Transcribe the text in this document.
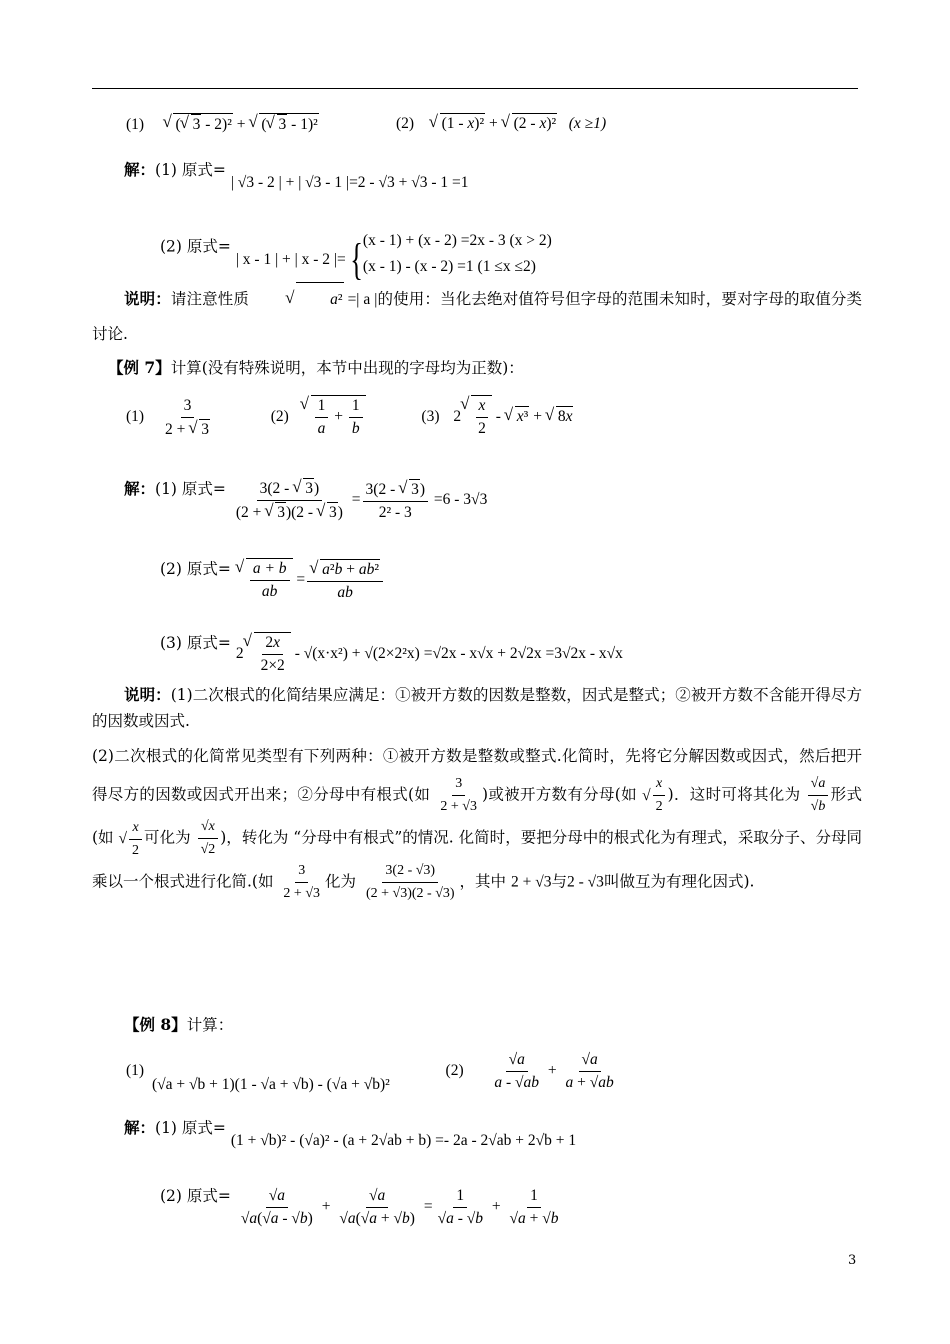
(1) √ ( √ 3 - 2)² + √ ( √ 3 - 1)²	(2) √ (1 - x)² + √ (2 - x)² (x ≥1)
解：(1) 原式= | √3 - 2 | + | √3 - 1 |=2 - √3 + √3 - 1 =1
(2) 原式= | x - 1 | + | x - 2 |={ (x - 1) + (x - 2) =2x - 3 (x > 2)
(x - 1) - (x - 2) =1 (1 ≤x ≤2)
说明：请注意性质	√ a² =| a |的使用：当化去绝对值符号但字母的范围未知时，要对字母的取值分类讨论.
【例 7】计算(没有特殊说明，本节中出现的字母均为正数)：
$(1) \frac{3}{2 + √ 3}$	(2) √ $\frac{1}{a} + \frac{1}{b}$	(3) 2 √ $\frac{x}{2}$ - √ x³ + √ 8x
解：(1) 原式= $\frac{3(2 - √ 3)}{(2 + √ 3)(2 - √ 3)} = \frac{3(2 - √ 3)}{\text{2² - 3}} =6 - 3√3$
(2) 原式= √ $\frac{a + b}{ab}$ = √ $\frac{\text{a²b + ab²}}{ab}$
(3) 原式= 2 √ $\frac{2x}{2\times 2} - √(x\cdot x^2) + √(2\times 2^2x) =√2x - x√x + 2√2x =3√2x - x√x$
说明：(1)二次根式的化简结果应满足：①被开方数的因数是整数，因式是整式；②被开方数不含能开得尽方的因数或因式.
(2)二次根式的化简常见类型有下列两种：①被开方数是整数或整式.化简时，先将它分解因数或因式，然后把开得尽方的因数或因式开出来；②分母中有根式(如 $\frac{3}{2 + √3}$ )或被开方数有分母(如 √ $\frac{x}{2}$ )．这时可将其化为 $\frac{√a}{√b}$ 形式(如 √ $\frac{x}{2}$ 可化为 $\frac{√x}{√2}$ )，转化为 “分母中有根式”的情况. 化简时，要把分母中的根式化为有理式，采取分子、分母同乘以一个根式进行化简.(如 $\frac{3}{2 + √3}$ 化为 $\frac{3(2 - √3)}{(2 + √3)(2 - √3)}$ ，其中 2 + √3与2 - √3叫做互为有理化因式).
【例 8】计算：
(1) (√a + √b + 1)(1 - √a + √b) - (√a + √b)²  $(2) \frac{√a}{a - √ab} + \frac{√a}{a + √ab}$
解：(1) 原式= (1 + √b)² - (√a)² - (a + 2√ab + b) =- 2a - 2√ab + 2√b + 1
(2) 原式= $\frac{√a}{√a(√a - √b)} + \frac{√a}{√a(√a + √b)} = \frac{1}{√a - √b} + \frac{1}{√a + √b}$
3
